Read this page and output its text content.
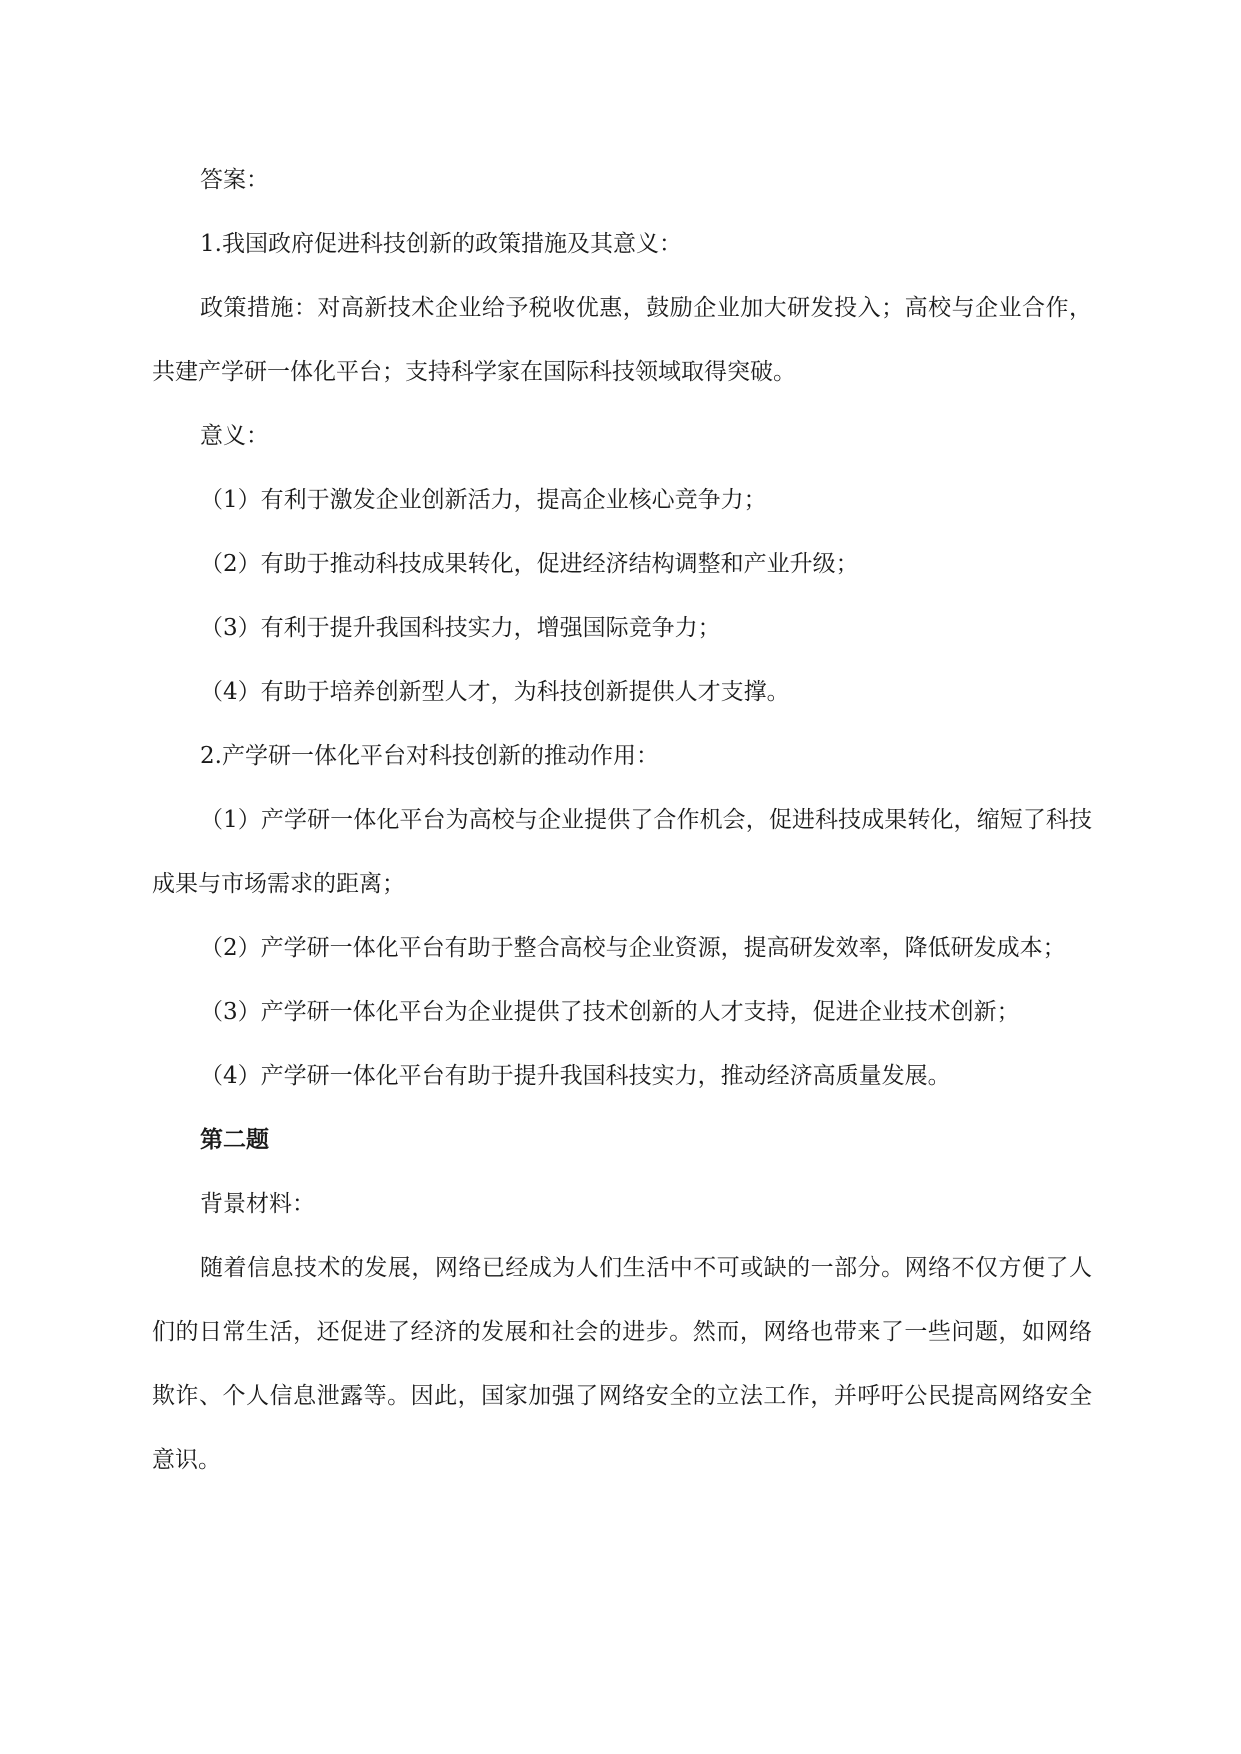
答案：

1.我国政府促进科技创新的政策措施及其意义：

政策措施：对高新技术企业给予税收优惠，鼓励企业加大研发投入；高校与企业合作，共建产学研一体化平台；支持科学家在国际科技领域取得突破。

意义：

（1）有利于激发企业创新活力，提高企业核心竞争力；

（2）有助于推动科技成果转化，促进经济结构调整和产业升级；

（3）有利于提升我国科技实力，增强国际竞争力；

（4）有助于培养创新型人才，为科技创新提供人才支撑。

2.产学研一体化平台对科技创新的推动作用：

（1）产学研一体化平台为高校与企业提供了合作机会，促进科技成果转化，缩短了科技成果与市场需求的距离；

（2）产学研一体化平台有助于整合高校与企业资源，提高研发效率，降低研发成本；

（3）产学研一体化平台为企业提供了技术创新的人才支持，促进企业技术创新；

（4）产学研一体化平台有助于提升我国科技实力，推动经济高质量发展。

第二题

背景材料：

随着信息技术的发展，网络已经成为人们生活中不可或缺的一部分。网络不仅方便了人们的日常生活，还促进了经济的发展和社会的进步。然而，网络也带来了一些问题，如网络欺诈、个人信息泄露等。因此，国家加强了网络安全的立法工作，并呼吁公民提高网络安全意识。
